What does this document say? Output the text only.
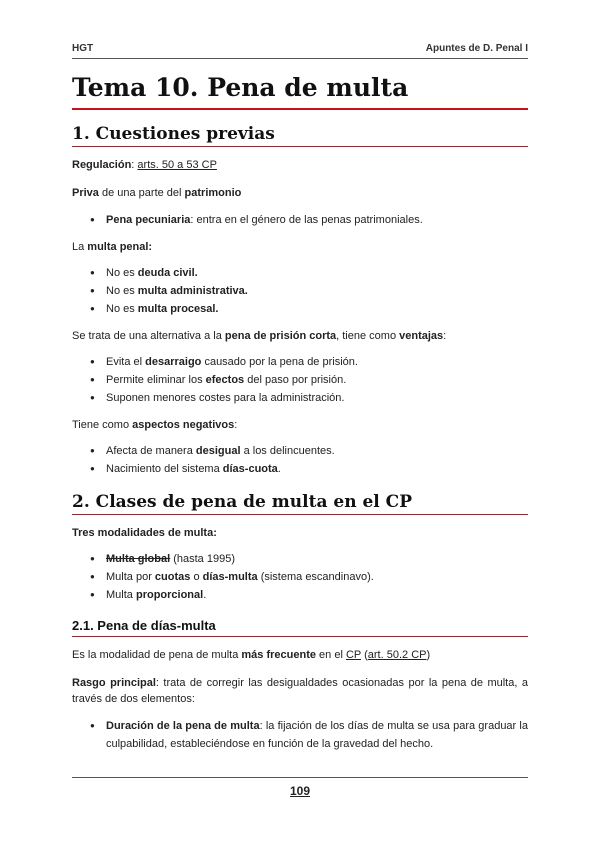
HGT	Apuntes de D. Penal I
Tema 10. Pena de multa
1. Cuestiones previas

Regulación: arts. 50 a 53 CP

Priva de una parte del patrimonio

● Pena pecuniaria: entra en el género de las penas patrimoniales.

La multa penal:

● No es deuda civil.
● No es multa administrativa.
● No es multa procesal.

Se trata de una alternativa a la pena de prisión corta, tiene como ventajas:

● Evita el desarraigo causado por la pena de prisión.
● Permite eliminar los efectos del paso por prisión.
● Suponen menores costes para la administración.

Tiene como aspectos negativos:

● Afecta de manera desigual a los delincuentes.
● Nacimiento del sistema días-cuota.
2. Clases de pena de multa en el CP

Tres modalidades de multa:

● Multa global (hasta 1995)
● Multa por cuotas o días-multa (sistema escandinavo).
● Multa proporcional.
2.1. Pena de días-multa

Es la modalidad de pena de multa más frecuente en el CP (art. 50.2 CP)

Rasgo principal: trata de corregir las desigualdades ocasionadas por la pena de multa, a través de dos elementos:

● Duración de la pena de multa: la fijación de los días de multa se usa para graduar la culpabilidad, estableciéndose en función de la gravedad del hecho.
109
